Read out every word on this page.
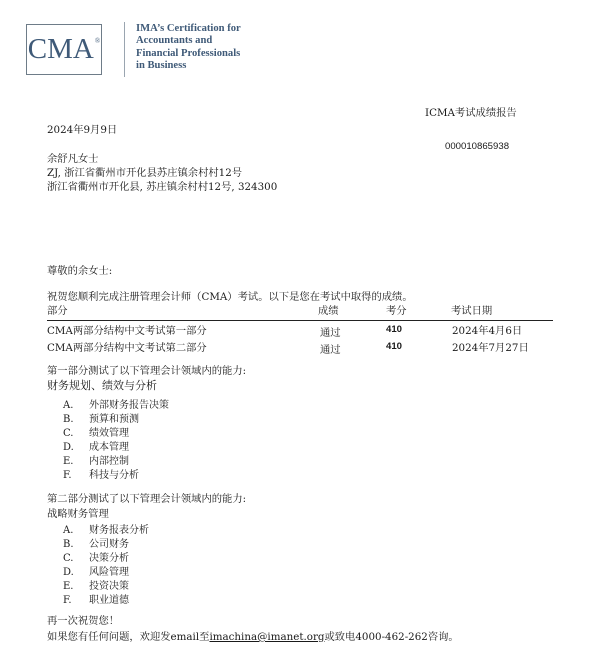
CMA®
IMA’s Certification for
Accountants and
Financial Professionals
in Business
ICMA考试成绩报告
2024年9月9日
000010865938
余舒凡女士
ZJ, 浙江省衢州市开化县苏庄镇余村村12号
浙江省衢州市开化县, 苏庄镇余村村12号, 324300
尊敬的余女士:
祝贺您顺利完成注册管理会计师（CMA）考试。以下是您在考试中取得的成绩。
部分	成绩	考分	考试日期
CMA两部分结构中文考试第一部分	通过	410	2024年4月6日
CMA两部分结构中文考试第二部分	通过	410	2024年7月27日
第一部分测试了以下管理会计领域内的能力:
财务规划、绩效与分析
A. 外部财务报告决策
B. 预算和预测
C. 绩效管理
D. 成本管理
E. 内部控制
F. 科技与分析
第二部分测试了以下管理会计领域内的能力:
战略财务管理
A. 财务报表分析
B. 公司财务
C. 决策分析
D. 风险管理
E. 投资决策
F. 职业道德
再一次祝贺您！
如果您有任何问题，欢迎发email至imachina@imanet.org或致电4000-462-262咨询。
